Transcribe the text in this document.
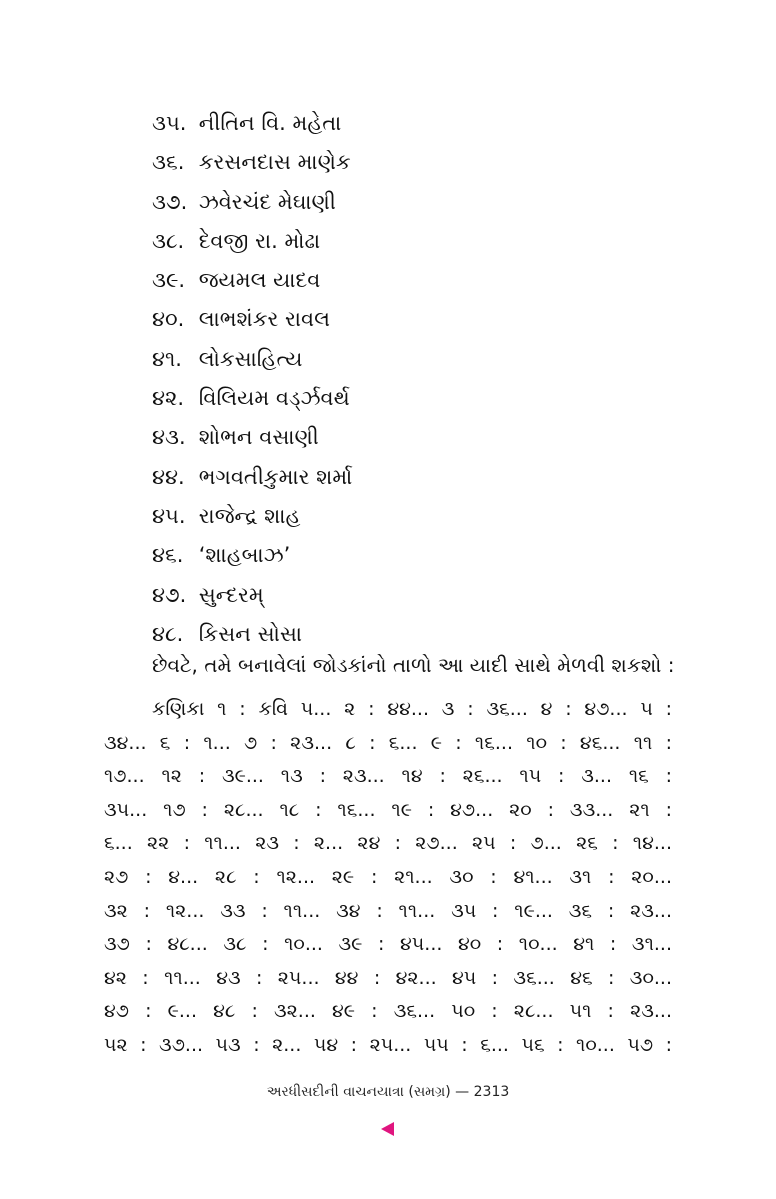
૩૫. નીતિન વિ. મહેતા
૩૬. કરસનદાસ માણેક
૩૭. ઝવેરચંદ મેઘાણી
૩૮. દેવજી રા. મોઢા
૩૯. જયમલ યાદવ
૪૦. લાભશંકર રાવલ
૪૧. લોકસાહિત્ય
૪૨. વિલિયમ વર્ડ્ઝવર્થ
૪૩. શોભન વસાણી
૪૪. ભગવતીકુમાર શર્મા
૪૫. રાજેન્દ્ર શાહ
૪૬. ‘શાહબાઝ’
૪૭. સુન્દરમ્
૪૮. કિસન સોસા
છેવટે, તમે બનાવેલાં જોડકાંનો તાળો આ યાદી સાથે મેળવી શકશો :
કણિકા ૧ : કવિ ૫... ૨ : ૪૪... ૩ : ૩૬... ૪ : ૪૭... ૫ :
૩૪... ૬ : ૧... ૭ : ૨૩... ૮ : ૬... ૯ : ૧૬... ૧૦ : ૪૬... ૧૧ :
૧૭... ૧૨ : ૩૯... ૧૩ : ૨૩... ૧૪ : ૨૬... ૧૫ : ૩... ૧૬ :
૩૫... ૧૭ : ૨૮... ૧૮ : ૧૬... ૧૯ : ૪૭... ૨૦ : ૩૩... ૨૧ :
૬... ૨૨ : ૧૧... ૨૩ : ૨... ૨૪ : ૨૭... ૨૫ : ૭... ૨૬ : ૧૪...
૨૭ : ૪... ૨૮ : ૧૨... ૨૯ : ૨૧... ૩૦ : ૪૧... ૩૧ : ૨૦...
૩૨ : ૧૨... ૩૩ : ૧૧... ૩૪ : ૧૧... ૩૫ : ૧૯... ૩૬ : ૨૩...
૩૭ : ૪૮... ૩૮ : ૧૦... ૩૯ : ૪૫... ૪૦ : ૧૦... ૪૧ : ૩૧...
૪૨ : ૧૧... ૪૩ : ૨૫... ૪૪ : ૪૨... ૪૫ : ૩૬... ૪૬ : ૩૦...
૪૭ : ૯... ૪૮ : ૩૨... ૪૯ : ૩૬... ૫૦ : ૨૮... ૫૧ : ૨૩...
૫૨ : ૩૭... ૫૩ : ૨... ૫૪ : ૨૫... ૫૫ : ૬... ૫૬ : ૧૦... ૫૭ :
અરધીસદીની વાચનયાત્રા (સમગ્ર) — 2313
